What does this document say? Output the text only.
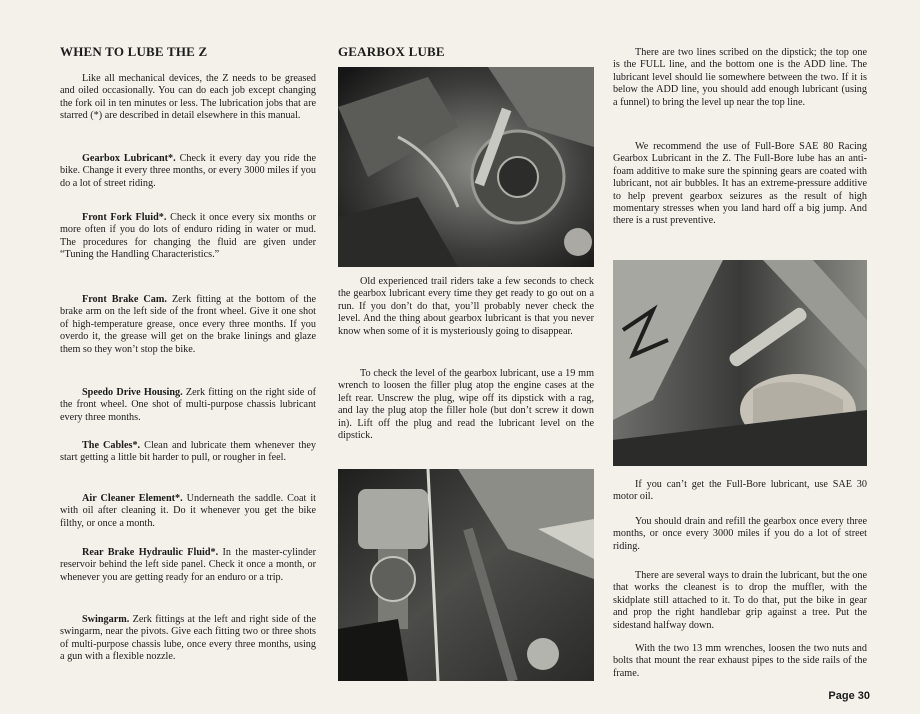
WHEN TO LUBE THE Z

Like all mechanical devices, the Z needs to be greased and oiled occasionally. You can do each job except changing the fork oil in ten minutes or less. The lubrication jobs that are starred (*) are described in detail elsewhere in this manual.

Gearbox Lubricant*. Check it every day you ride the bike. Change it every three months, or every 3000 miles if you do a lot of street riding.

Front Fork Fluid*. Check it once every six months or more often if you do lots of enduro riding in water or mud. The procedures for changing the fluid are given under “Tuning the Handling Characteristics.”

Front Brake Cam. Zerk fitting at the bottom of the brake arm on the left side of the front wheel. Give it one shot of high-temperature grease, once every three months. If you overdo it, the grease will get on the brake linings and glaze them so they won’t stop the bike.

Speedo Drive Housing. Zerk fitting on the right side of the front wheel. One shot of multi-purpose chassis lubricant every three months.

The Cables*. Clean and lubricate them whenever they start getting a little bit harder to pull, or rougher in feel.

Air Cleaner Element*. Underneath the saddle. Coat it with oil after cleaning it. Do it whenever you get the bike filthy, or once a month.

Rear Brake Hydraulic Fluid*. In the master-cylinder reservoir behind the left side panel. Check it once a month, or whenever you are getting ready for an enduro or a trip.

Swingarm. Zerk fittings at the left and right side of the swingarm, near the pivots. Give each fitting two or three shots of multi-purpose chassis lube, once every three months, using a gun with a flexible nozzle.

GEARBOX LUBE

Old experienced trail riders take a few seconds to check the gearbox lubricant every time they get ready to go out on a run. If you don’t do that, you’ll probably never check the level. And the thing about gearbox lubricant is that you never know when some of it is mysteriously going to disappear.

To check the level of the gearbox lubricant, use a 19 mm wrench to loosen the filler plug atop the engine cases at the left rear. Unscrew the plug, wipe off its dipstick with a rag, and lay the plug atop the filler hole (but don’t screw it down in). Lift off the plug and read the lubricant level on the dipstick.

There are two lines scribed on the dipstick; the top one is the FULL line, and the bottom one is the ADD line. The lubricant level should lie somewhere between the two. If it is below the ADD line, you should add enough lubricant (using a funnel) to bring the level up near the top line.

We recommend the use of Full-Bore SAE 80 Racing Gearbox Lubricant in the Z. The Full-Bore lube has an anti-foam additive to make sure the spinning gears are coated with lubricant, not air bubbles. It has an extreme-pressure additive to help prevent gearbox seizures as the result of high momentary stresses when you land hard off a big jump. And there is a rust preventive.

If you can’t get the Full-Bore lubricant, use SAE 30 motor oil.

You should drain and refill the gearbox once every three months, or once every 3000 miles if you do a lot of street riding.

There are several ways to drain the lubricant, but the one that works the cleanest is to drop the muffler, with the skidplate still attached to it. To do that, put the bike in gear and prop the right handlebar grip against a tree. Put the sidestand halfway down.

With the two 13 mm wrenches, loosen the two nuts and bolts that mount the rear exhaust pipes to the side rails of the frame.

Page 30
